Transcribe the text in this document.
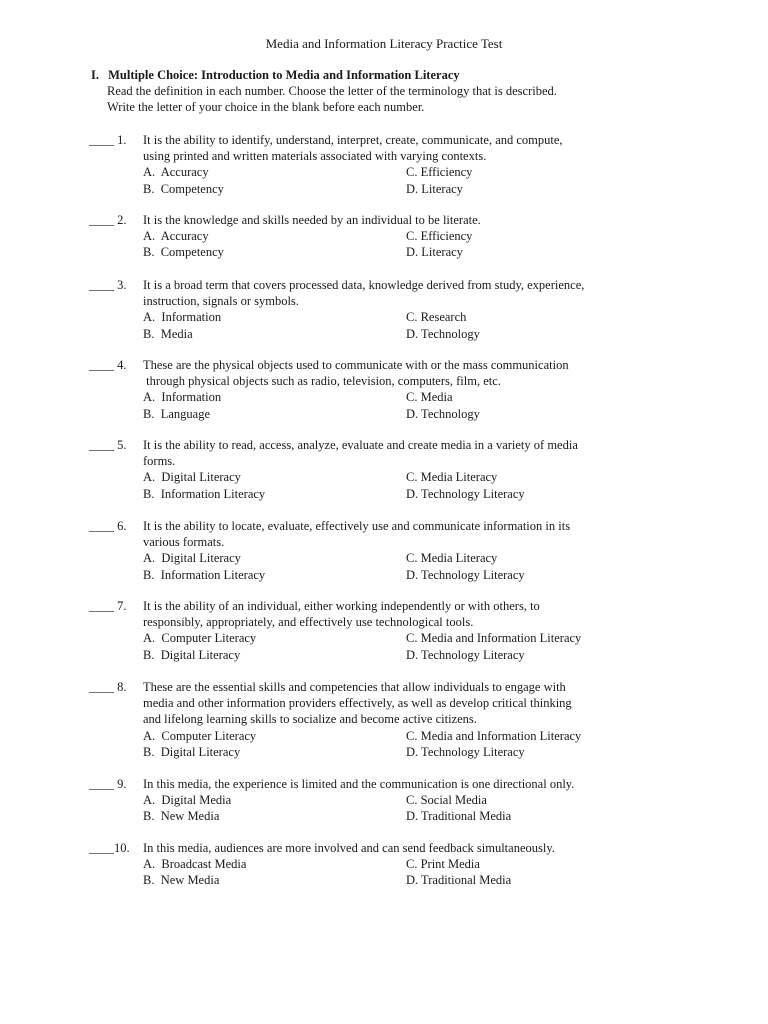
Media and Information Literacy Practice Test
I. Multiple Choice: Introduction to Media and Information Literacy
Read the definition in each number. Choose the letter of the terminology that is described.
Write the letter of your choice in the blank before each number.
____ 1.	It is the ability to identify, understand, interpret, create, communicate, and compute,
using printed and written materials associated with varying contexts.
A.  Accuracy	C. Efficiency
B.  Competency	D. Literacy
____ 2.	It is the knowledge and skills needed by an individual to be literate.
A.  Accuracy	C. Efficiency
B.  Competency	D. Literacy
____ 3.	It is a broad term that covers processed data, knowledge derived from study, experience,
instruction, signals or symbols.
A.  Information	C. Research
B.  Media	D. Technology
____ 4.	These are the physical objects used to communicate with or the mass communication
through physical objects such as radio, television, computers, film, etc.
A.  Information	C. Media
B.  Language	D. Technology
____ 5.	It is the ability to read, access, analyze, evaluate and create media in a variety of media
forms.
A.  Digital Literacy	C. Media Literacy
B.  Information Literacy	D. Technology Literacy
____ 6.	It is the ability to locate, evaluate, effectively use and communicate information in its
various formats.
A.  Digital Literacy	C. Media Literacy
B.  Information Literacy	D. Technology Literacy
____ 7.	It is the ability of an individual, either working independently or with others, to
responsibly, appropriately, and effectively use technological tools.
A.  Computer Literacy	C. Media and Information Literacy
B.  Digital Literacy	D. Technology Literacy
____ 8.	These are the essential skills and competencies that allow individuals to engage with
media and other information providers effectively, as well as develop critical thinking
and lifelong learning skills to socialize and become active citizens.
A.  Computer Literacy	C. Media and Information Literacy
B.  Digital Literacy	D. Technology Literacy
____ 9.	In this media, the experience is limited and the communication is one directional only.
A.  Digital Media	C. Social Media
B.  New Media	D. Traditional Media
____10.	In this media, audiences are more involved and can send feedback simultaneously.
A.  Broadcast Media	C. Print Media
B.  New Media	D. Traditional Media
